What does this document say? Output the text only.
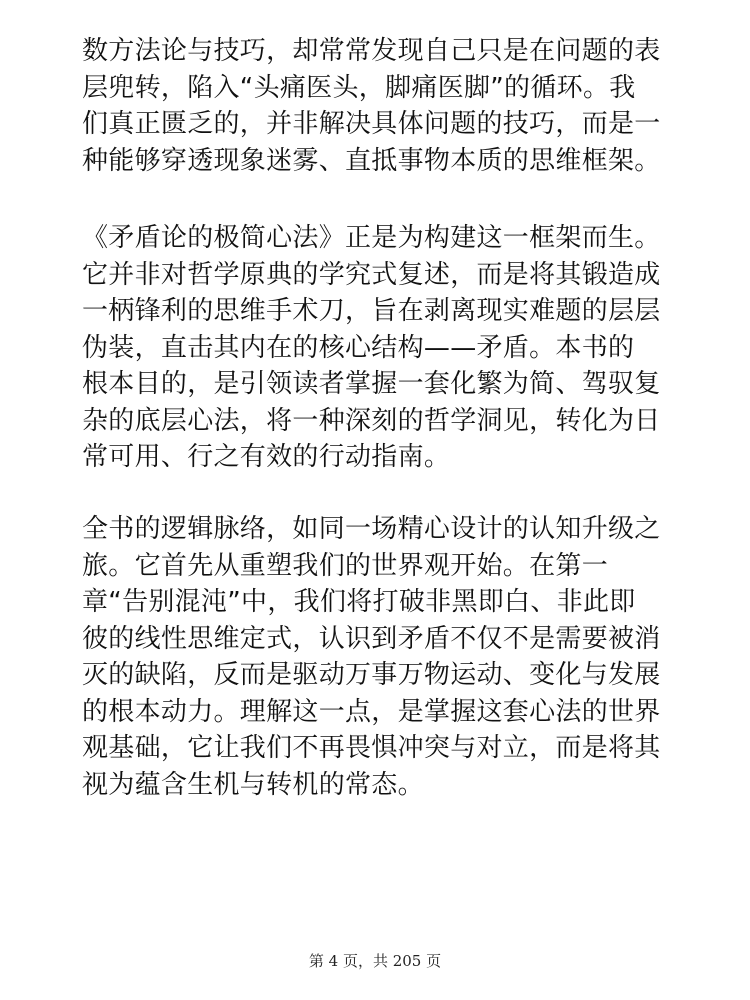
数方法论与技巧，却常常发现自己只是在问题的表
层兜转，陷入“头痛医头，脚痛医脚”的循环。我
们真正匮乏的，并非解决具体问题的技巧，而是一
种能够穿透现象迷雾、直抵事物本质的思维框架。
《矛盾论的极简心法》正是为构建这一框架而生。
它并非对哲学原典的学究式复述，而是将其锻造成
一柄锋利的思维手术刀，旨在剥离现实难题的层层
伪装，直击其内在的核心结构——矛盾。本书的
根本目的，是引领读者掌握一套化繁为简、驾驭复
杂的底层心法，将一种深刻的哲学洞见，转化为日
常可用、行之有效的行动指南。
全书的逻辑脉络，如同一场精心设计的认知升级之
旅。它首先从重塑我们的世界观开始。在第一
章“告别混沌”中，我们将打破非黑即白、非此即
彼的线性思维定式，认识到矛盾不仅不是需要被消
灭的缺陷，反而是驱动万事万物运动、变化与发展
的根本动力。理解这一点，是掌握这套心法的世界
观基础，它让我们不再畏惧冲突与对立，而是将其
视为蕴含生机与转机的常态。
第 4 页，共 205 页
